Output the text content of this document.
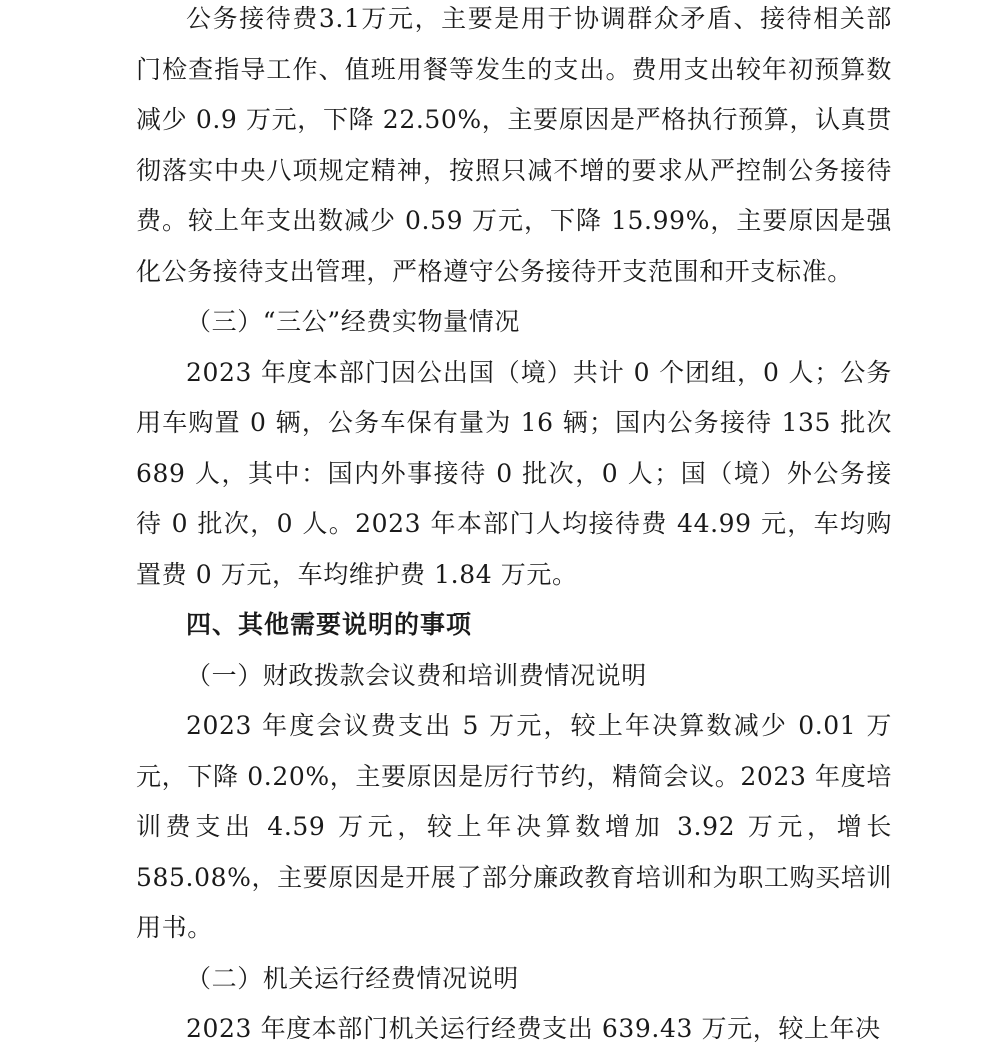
公务接待费3.1万元，主要是用于协调群众矛盾、接待相关部门检查指导工作、值班用餐等发生的支出。费用支出较年初预算数减少 0.9 万元，下降 22.50%，主要原因是严格执行预算，认真贯彻落实中央八项规定精神，按照只减不增的要求从严控制公务接待费。较上年支出数减少 0.59 万元，下降 15.99%，主要原因是强化公务接待支出管理，严格遵守公务接待开支范围和开支标准。

（三）“三公”经费实物量情况

2023 年度本部门因公出国（境）共计 0 个团组，0 人；公务用车购置 0 辆，公务车保有量为 16 辆；国内公务接待 135 批次 689 人，其中：国内外事接待 0 批次，0 人；国（境）外公务接待 0 批次，0 人。2023 年本部门人均接待费 44.99 元，车均购置费 0 万元，车均维护费 1.84 万元。

四、其他需要说明的事项

（一）财政拨款会议费和培训费情况说明

2023 年度会议费支出 5 万元，较上年决算数减少 0.01 万元，下降 0.20%，主要原因是厉行节约，精简会议。2023 年度培训费支出 4.59 万元，较上年决算数增加 3.92 万元，增长 585.08%，主要原因是开展了部分廉政教育培训和为职工购买培训用书。

（二）机关运行经费情况说明

2023 年度本部门机关运行经费支出 639.43 万元，较上年决
